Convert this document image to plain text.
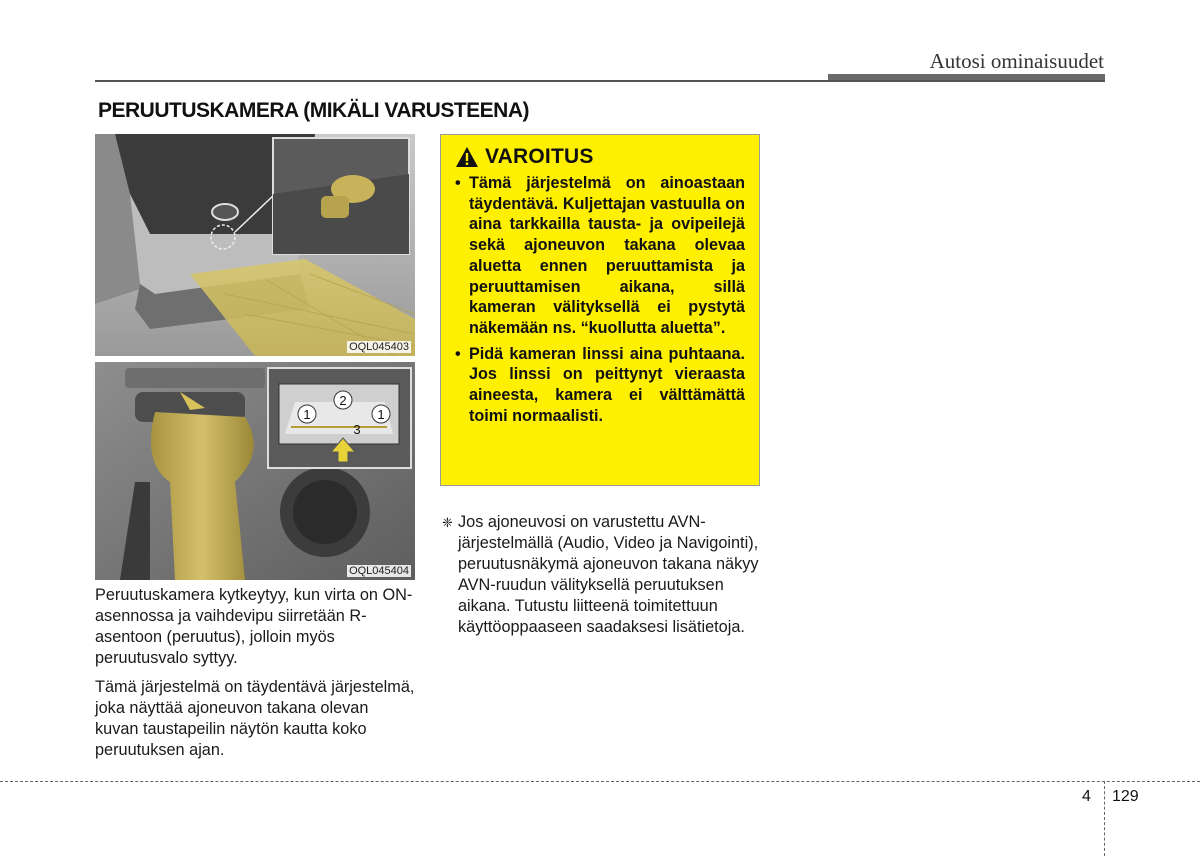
Autosi ominaisuudet
PERUUTUSKAMERA (MIKÄLI VARUSTEENA)
OQL045403
1
2
1
3
OQL045404

Peruutuskamera kytkeytyy, kun virta on ON-asennossa ja vaihdevipu siirretään R-asentoon (peruutus), jolloin myös peruutusvalo syttyy.

Tämä järjestelmä on täydentävä järjestelmä, joka näyttää ajoneuvon takana olevan kuvan taustapeilin näytön kautta koko peruutuksen ajan.

VAROITUS
• Tämä järjestelmä on ainoastaan täydentävä. Kuljettajan vastuulla on aina tarkkailla tausta- ja ovipeilejä sekä ajoneuvon takana olevaa aluetta ennen peruuttamista ja peruuttamisen aikana, sillä kameran välityksellä ei pystytä näkemään ns. “kuollutta aluetta”.
• Pidä kameran linssi aina puhtaana. Jos linssi on peittynyt vieraasta aineesta, kamera ei välttämättä toimi normaalisti.
❈ Jos ajoneuvosi on varustettu AVN-järjestelmällä (Audio, Video ja Navigointi), peruutusnäkymä ajoneuvon takana näkyy AVN-ruudun välityksellä peruutuksen aikana. Tutustu liitteenä toimitettuun käyttöoppaaseen saadaksesi lisätietoja.
4 129
